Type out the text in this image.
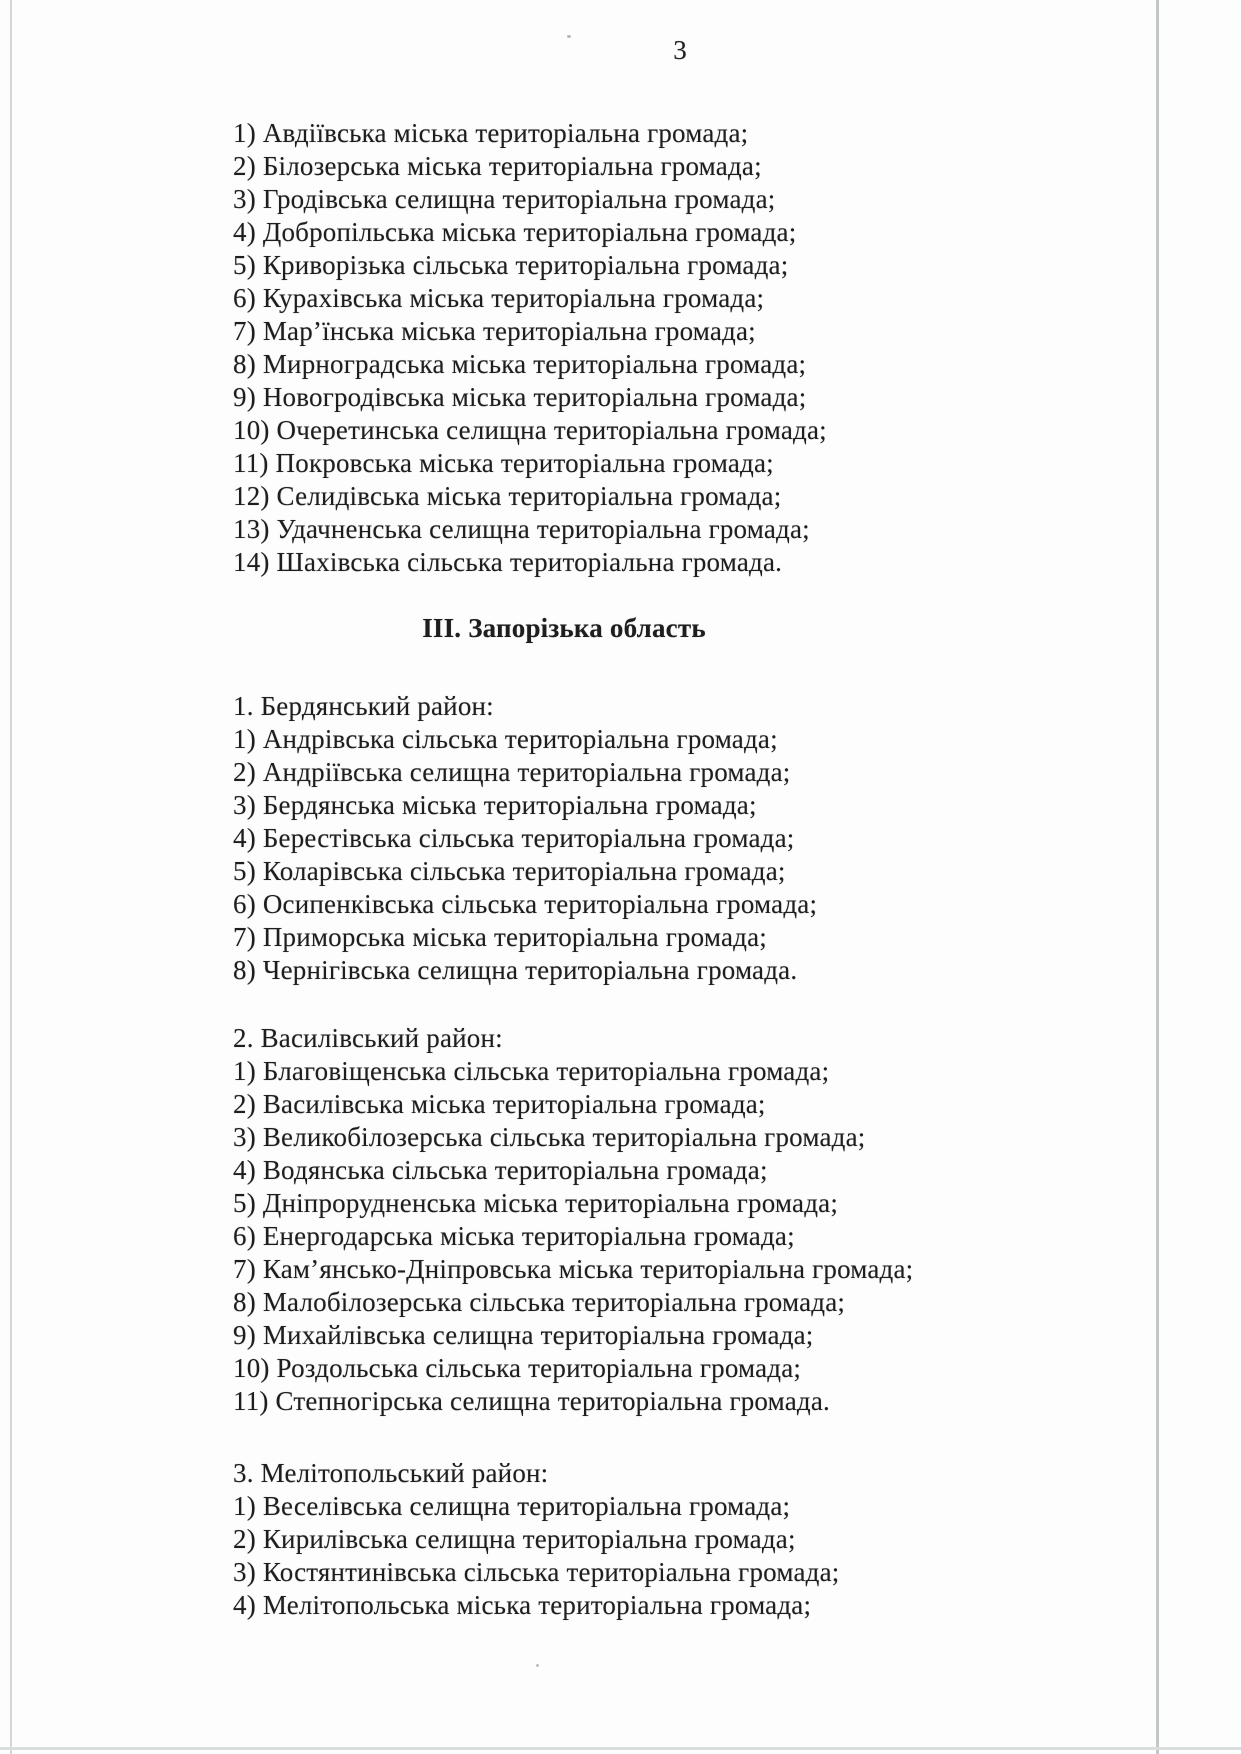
3
1) Авдіївська міська територіальна громада;
2) Білозерська міська територіальна громада;
3) Гродівська селищна територіальна громада;
4) Добропільська міська територіальна громада;
5) Криворізька сільська територіальна громада;
6) Курахівська міська територіальна громада;
7) Мар’їнська міська територіальна громада;
8) Мирноградська міська територіальна громада;
9) Новогродівська міська територіальна громада;
10) Очеретинська селищна територіальна громада;
11) Покровська міська територіальна громада;
12) Селидівська міська територіальна громада;
13) Удачненська селищна територіальна громада;
14) Шахівська сільська територіальна громада.
III. Запорізька область
1. Бердянський район:
1) Андрівська сільська територіальна громада;
2) Андріївська селищна територіальна громада;
3) Бердянська міська територіальна громада;
4) Берестівська сільська територіальна громада;
5) Коларівська сільська територіальна громада;
6) Осипенківська сільська територіальна громада;
7) Приморська міська територіальна громада;
8) Чернігівська селищна територіальна громада.
2. Василівський район:
1) Благовіщенська сільська територіальна громада;
2) Василівська міська територіальна громада;
3) Великобілозерська сільська територіальна громада;
4) Водянська сільська територіальна громада;
5) Дніпрорудненська міська територіальна громада;
6) Енергодарська міська територіальна громада;
7) Кам’янсько-Дніпровська міська територіальна громада;
8) Малобілозерська сільська територіальна громада;
9) Михайлівська селищна територіальна громада;
10) Роздольська сільська територіальна громада;
11) Степногірська селищна територіальна громада.
3. Мелітопольський район:
1) Веселівська селищна територіальна громада;
2) Кирилівська селищна територіальна громада;
3) Костянтинівська сільська територіальна громада;
4) Мелітопольська міська територіальна громада;
